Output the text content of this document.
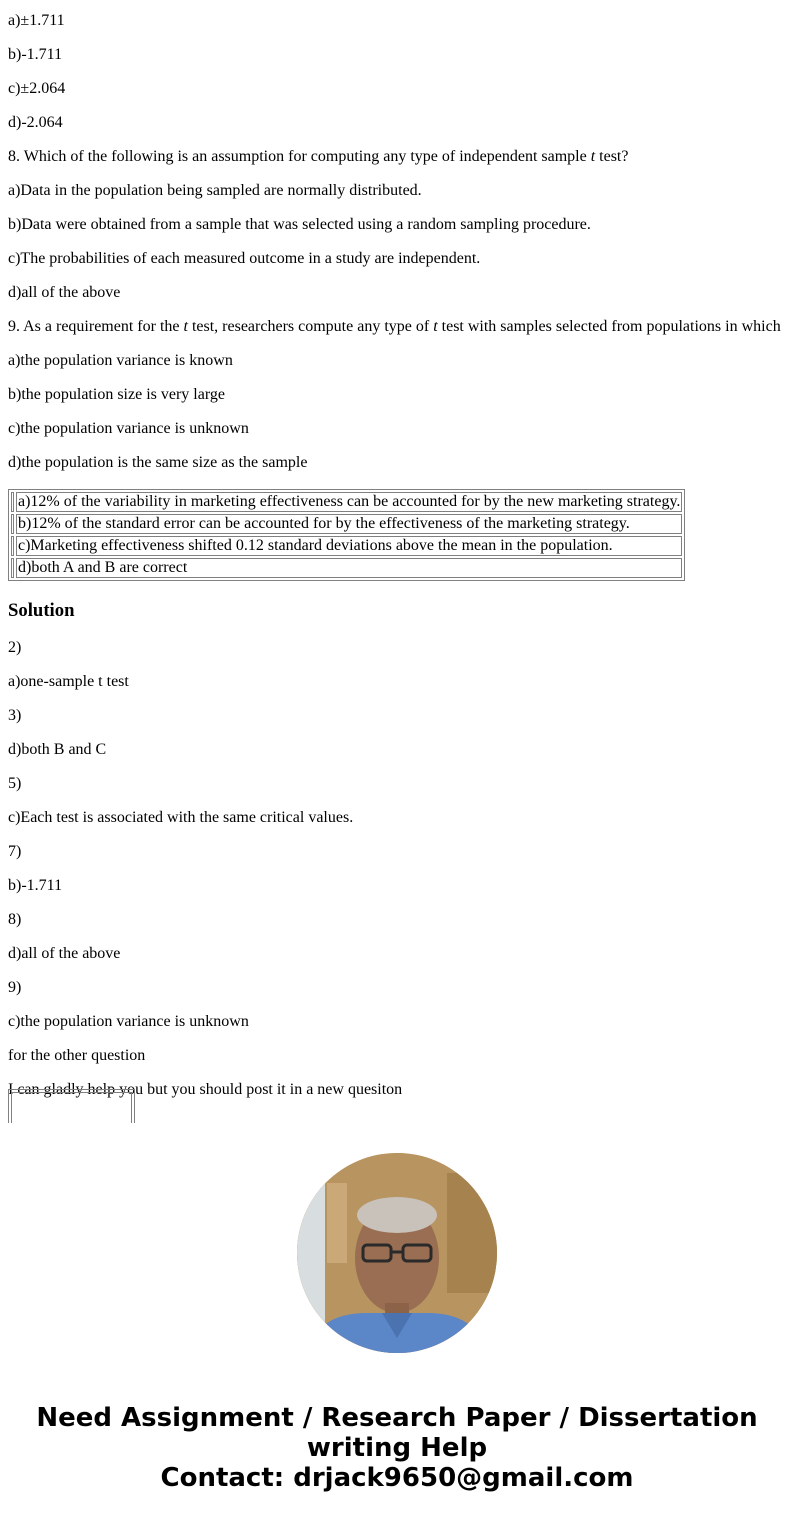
a)±1.711

b)-1.711

c)±2.064

d)-2.064

8. Which of the following is an assumption for computing any type of independent sample t test?

a)Data in the population being sampled are normally distributed.

b)Data were obtained from a sample that was selected using a random sampling procedure.

c)The probabilities of each measured outcome in a study are independent.

d)all of the above

9. As a requirement for the t test, researchers compute any type of t test with samples selected from populations in which

a)the population variance is known

b)the population size is very large

c)the population variance is unknown

d)the population is the same size as the sample

	a)12% of the variability in marketing effectiveness can be accounted for by the new marketing strategy.
	b)12% of the standard error can be accounted for by the effectiveness of the marketing strategy.
	c)Marketing effectiveness shifted 0.12 standard deviations above the mean in the population.
	d)both A and B are correct
Solution

2)

a)one-sample t test

3)

d)both B and C

5)

c)Each test is associated with the same critical values.

7)

b)-1.711

8)

d)all of the above

9)

c)the population variance is unknown

for the other question

I can gladly help you but you should post it in a new quesiton

Need Assignment / Research Paper / Dissertation
writing Help
Contact: drjack9650@gmail.com
